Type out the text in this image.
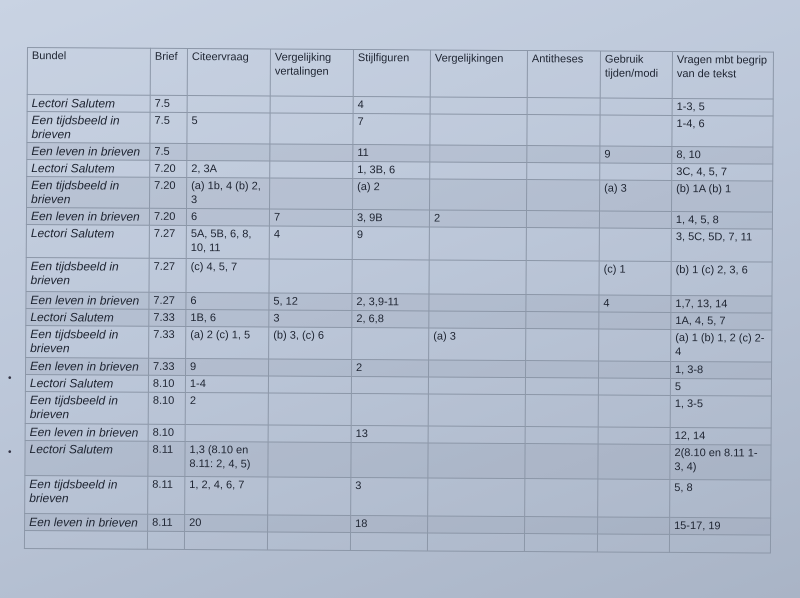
Bundel	Brief	Citeervraag	Vergelijking vertalingen	Stijlfiguren	Vergelijkingen	Antitheses	Gebruik tijden/modi	Vragen mbt begrip van de tekst
Lectori Salutem	7.5			4				1-3, 5
Een tijdsbeeld in brieven	7.5	5		7				1-4, 6
Een leven in brieven	7.5			11			9	8, 10
Lectori Salutem	7.20	2, 3A		1, 3B, 6				3C, 4, 5, 7
Een tijdsbeeld in brieven	7.20	(a) 1b, 4 (b) 2, 3		(a) 2			(a) 3	(b) 1A (b) 1
Een leven in brieven	7.20	6	7	3, 9B	2			1, 4, 5, 8
Lectori Salutem	7.27	5A, 5B, 6, 8, 10, 11	4	9				3, 5C, 5D, 7, 11
Een tijdsbeeld in brieven	7.27	(c) 4, 5, 7					(c) 1	(b) 1 (c) 2, 3, 6
Een leven in brieven	7.27	6	5, 12	2, 3,9-11			4	1,7, 13, 14
Lectori Salutem	7.33	1B, 6	3	2, 6,8				1A, 4, 5, 7
Een tijdsbeeld in brieven	7.33	(a) 2 (c) 1, 5	(b) 3, (c) 6		(a) 3			(a) 1 (b) 1, 2 (c) 2-4
Een leven in brieven	7.33	9		2				1, 3-8
Lectori Salutem	8.10	1-4						5
Een tijdsbeeld in brieven	8.10	2						1, 3-5
Een leven in brieven	8.10			13				12, 14
Lectori Salutem	8.11	1,3 (8.10 en 8.11: 2, 4, 5)						2(8.10 en 8.11 1-3, 4)
Een tijdsbeeld in brieven	8.11	1, 2, 4, 6, 7		3				5, 8
Een leven in brieven	8.11	20		18				15-17, 19

•
•
